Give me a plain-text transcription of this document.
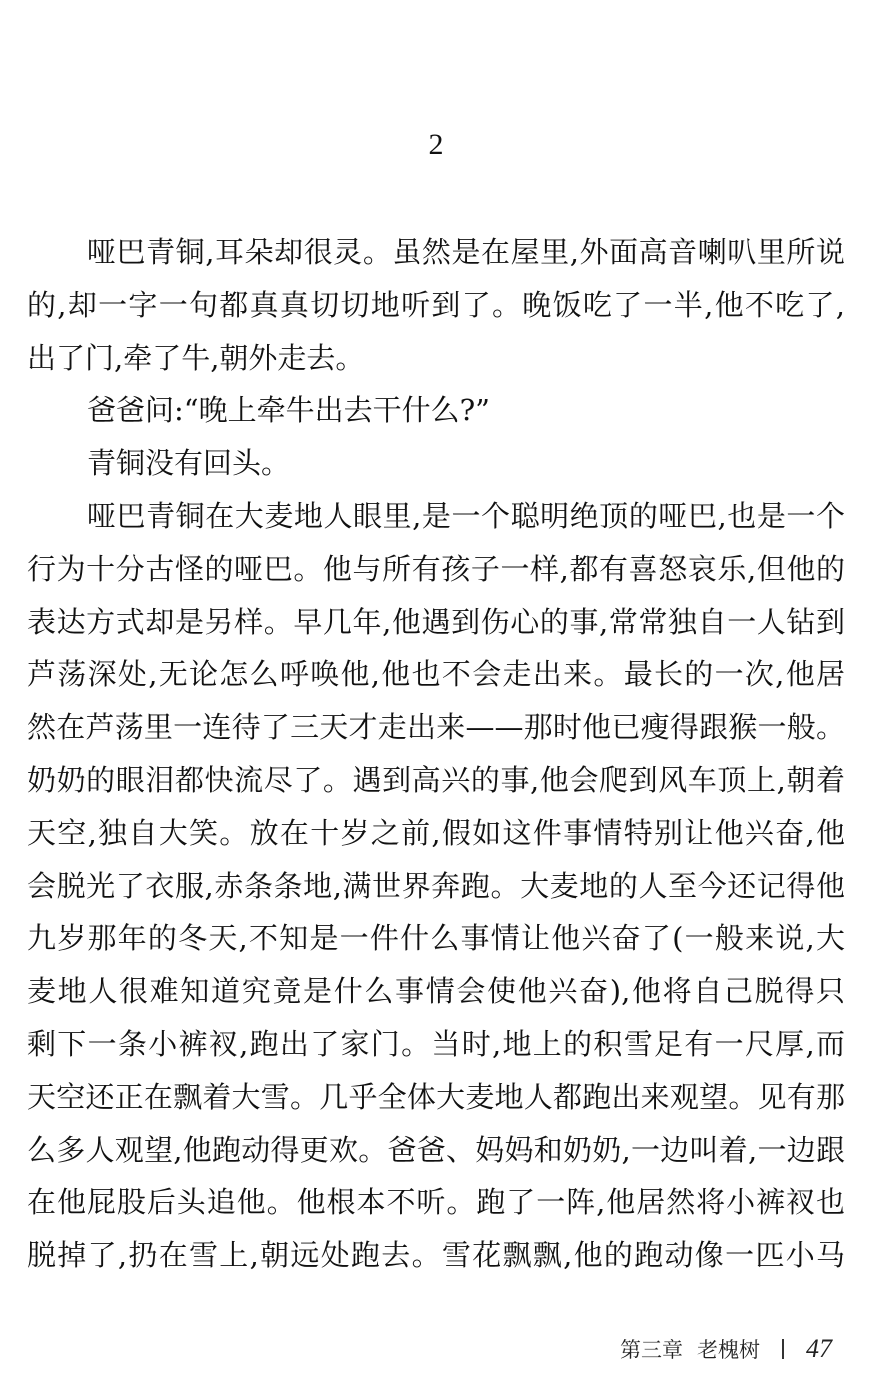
2
哑巴青铜,耳朵却很灵。虽然是在屋里,外面高音喇叭里所说
的,却一字一句都真真切切地听到了。晚饭吃了一半,他不吃了,
出了门,牵了牛,朝外走去。
爸爸问:“晚上牵牛出去干什么?”
青铜没有回头。
哑巴青铜在大麦地人眼里,是一个聪明绝顶的哑巴,也是一个
行为十分古怪的哑巴。他与所有孩子一样,都有喜怒哀乐,但他的
表达方式却是另样。早几年,他遇到伤心的事,常常独自一人钻到
芦荡深处,无论怎么呼唤他,他也不会走出来。最长的一次,他居
然在芦荡里一连待了三天才走出来——那时他已瘦得跟猴一般。
奶奶的眼泪都快流尽了。遇到高兴的事,他会爬到风车顶上,朝着
天空,独自大笑。放在十岁之前,假如这件事情特别让他兴奋,他
会脱光了衣服,赤条条地,满世界奔跑。大麦地的人至今还记得他
九岁那年的冬天,不知是一件什么事情让他兴奋了(一般来说,大
麦地人很难知道究竟是什么事情会使他兴奋),他将自己脱得只
剩下一条小裤衩,跑出了家门。当时,地上的积雪足有一尺厚,而
天空还正在飘着大雪。几乎全体大麦地人都跑出来观望。见有那
么多人观望,他跑动得更欢。爸爸、妈妈和奶奶,一边叫着,一边跟
在他屁股后头追他。他根本不听。跑了一阵,他居然将小裤衩也
脱掉了,扔在雪上,朝远处跑去。雪花飘飘,他的跑动像一匹小马
第三章 老槐树 47
